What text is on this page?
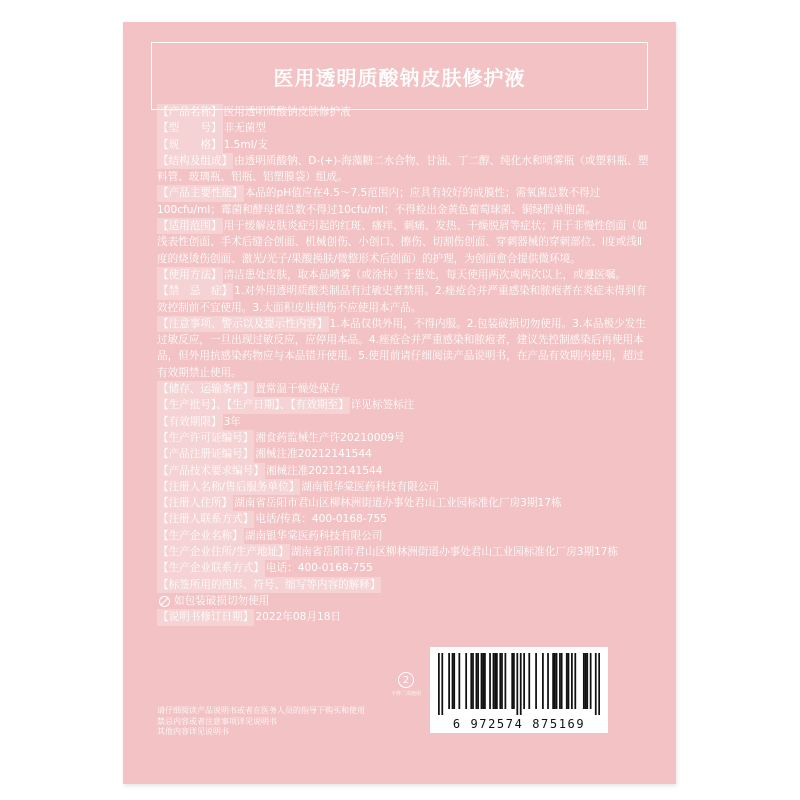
医用透明质酸钠皮肤修护液
【产品名称】 医用透明质酸钠皮肤修护液
【型　　号】 非无菌型
【规　　格】 1.5ml/支
【结构及组成】 由透明质酸钠、D-(+)-海藻糖二水合物、甘油、丁二醇、纯化水和喷雾瓶（或塑料瓶、塑料管、玻璃瓶、铝瓶、铝塑膜袋）组成。
【产品主要性能】 本品的pH值应在4.5～7.5范围内；应具有较好的成膜性；需氧菌总数不得过100cfu/ml；霉菌和酵母菌总数不得过10cfu/ml；不得检出金黄色葡萄球菌、铜绿假单胞菌。
【适用范围】 用于缓解皮肤炎症引起的红斑、瘙痒、刺痛、发热、干燥脱屑等症状；用于非慢性创面（如浅表性创面、手术后缝合创面、机械创伤、小创口、擦伤、切割伤创面、穿刺器械的穿刺部位、Ⅰ度或浅Ⅱ度的烧烫伤创面、激光/光子/果酸换肤/微整形术后创面）的护理，为创面愈合提供微环境。
【使用方法】 清洁患处皮肤，取本品喷雾（或涂抹）于患处，每天使用两次或两次以上，或遵医嘱。
【禁　忌　症】 1.对外用透明质酸类制品有过敏史者禁用。2.痤疮合并严重感染和脓疱者在炎症未得到有效控制前不宜使用。3.大面积皮肤损伤不应使用本产品。
【注意事项、警示以及提示性内容】 1.本品仅供外用，不得内服。2.包装破损切勿使用。3.本品极少发生过敏反应，一旦出现过敏反应，应停用本品。4.痤疮合并严重感染和脓疱者，建议先控制感染后再使用本品，但外用抗感染药物应与本品错开使用。5.使用前请仔细阅读产品说明书，在产品有效期内使用，超过有效期禁止使用。
【储存、运输条件】 置常温干燥处保存
【生产批号】、【生产日期】、【有效期至】 详见标签标注
【有效期限】 3年
【生产许可证编号】 湘食药监械生产许20210009号
【产品注册证编号】 湘械注准20212141544
【产品技术要求编号】 湘械注准20212141544
【注册人名称/售后服务单位】 湖南银华棠医药科技有限公司
【注册人住所】 湖南省岳阳市君山区柳林洲街道办事处君山工业园标准化厂房3期17栋
【注册人联系方式】 电话/传真：400-0168-755
【生产企业名称】 湖南银华棠医药科技有限公司
【生产企业住所/生产地址】 湖南省岳阳市君山区柳林洲街道办事处君山工业园标准化厂房3期17栋
【生产企业联系方式】 电话：400-0168-755
【标签所用的图形、符号、缩写等内容的解释】
如包装破损切勿使用
【说明书修订日期】 2022年08月18日
2
不得二次使用
6 972574 875169
请仔细阅读产品说明书或者在医务人员的指导下购买和使用
禁忌内容或者注意事项详见说明书
其他内容详见说明书
